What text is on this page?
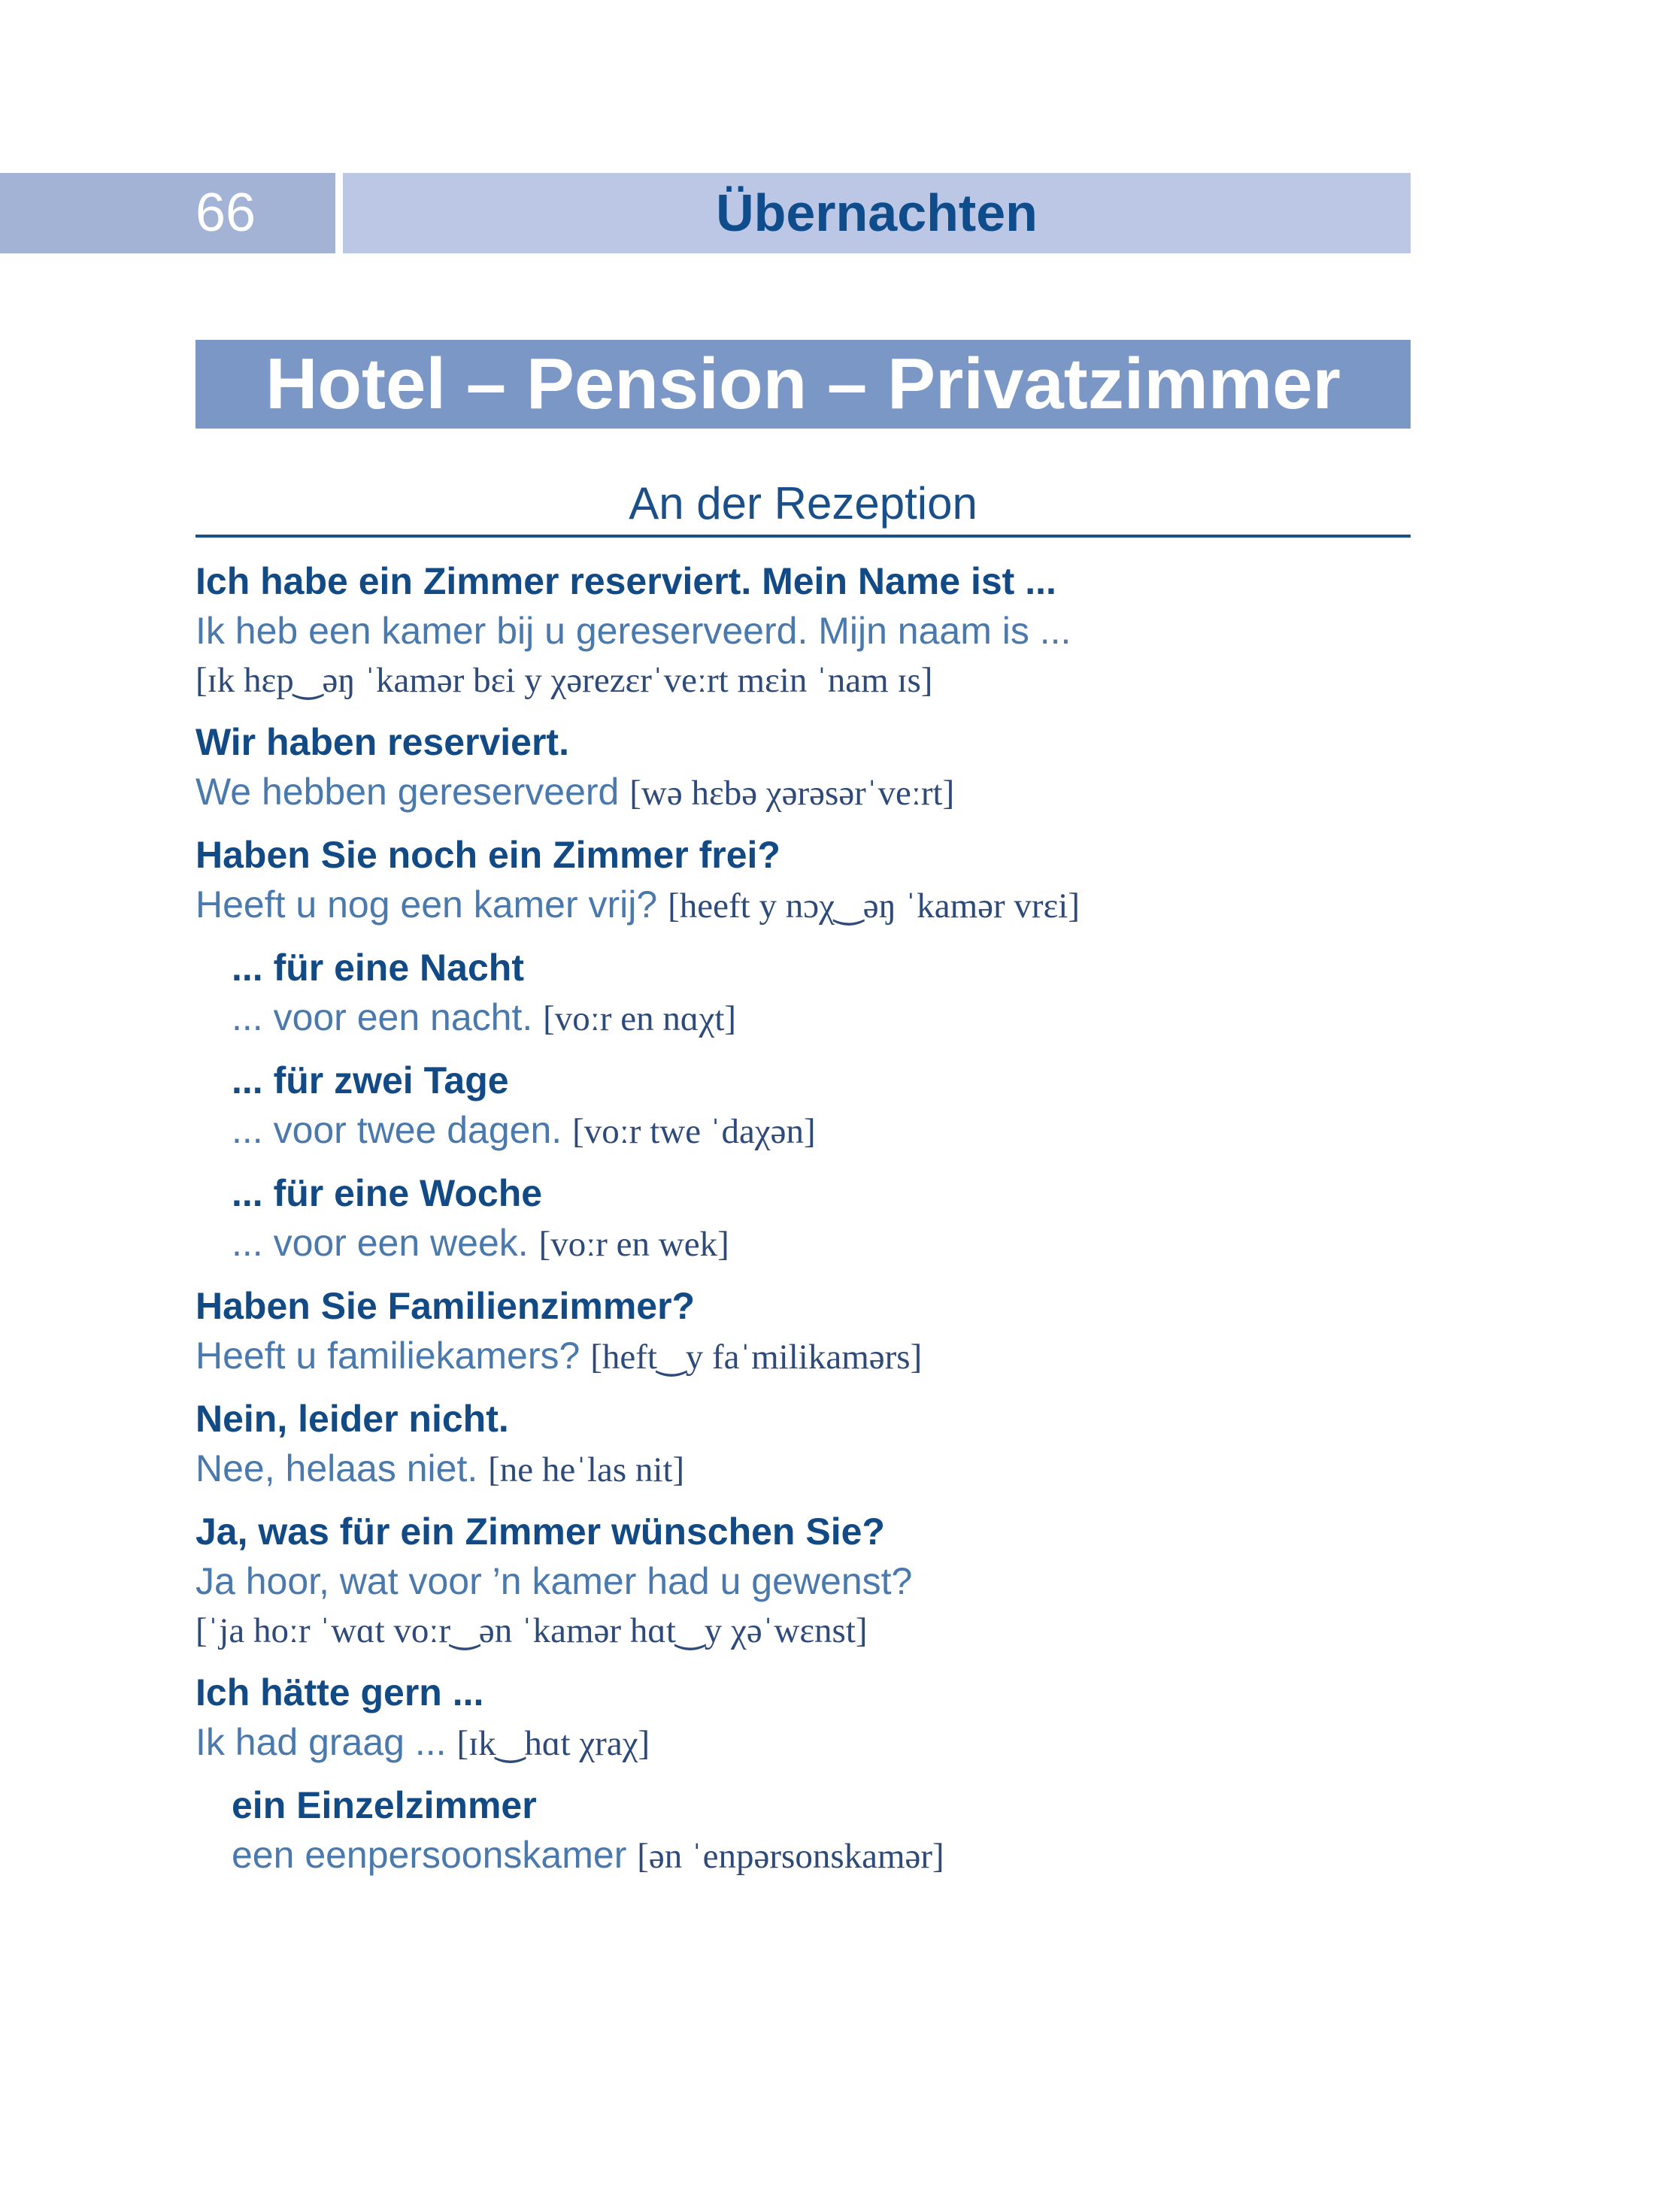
66	Übernachten
Hotel – Pension – Privatzimmer
An der Rezeption
Ich habe ein Zimmer reserviert. Mein Name ist ...
Ik heb een kamer bij u gereserveerd. Mijn naam is ...
[ɪk hɛp‿əŋ ˈkamər bɛi y χərezɛrˈveːrt mɛin ˈnam ɪs]
Wir haben reserviert.
We hebben gereserveerd [wə hɛbə χərəsərˈveːrt]
Haben Sie noch ein Zimmer frei?
Heeft u nog een kamer vrij? [heeft y nɔχ‿əŋ ˈkamər vrɛi]
... für eine Nacht
... voor een nacht. [voːr en nɑχt]
... für zwei Tage
... voor twee dagen. [voːr twe ˈdaχən]
... für eine Woche
... voor een week. [voːr en wek]
Haben Sie Familienzimmer?
Heeft u familiekamers? [heft‿y faˈmilikamərs]
Nein, leider nicht.
Nee, helaas niet. [ne heˈlas nit]
Ja, was für ein Zimmer wünschen Sie?
Ja hoor, wat voor ’n kamer had u gewenst?
[ˈja hoːr ˈwɑt voːr‿ən ˈkamər hɑt‿y χəˈwɛnst]
Ich hätte gern ...
Ik had graag ... [ɪk‿hɑt χraχ]
ein Einzelzimmer
een eenpersoonskamer [ən ˈenpərsonskamər]
